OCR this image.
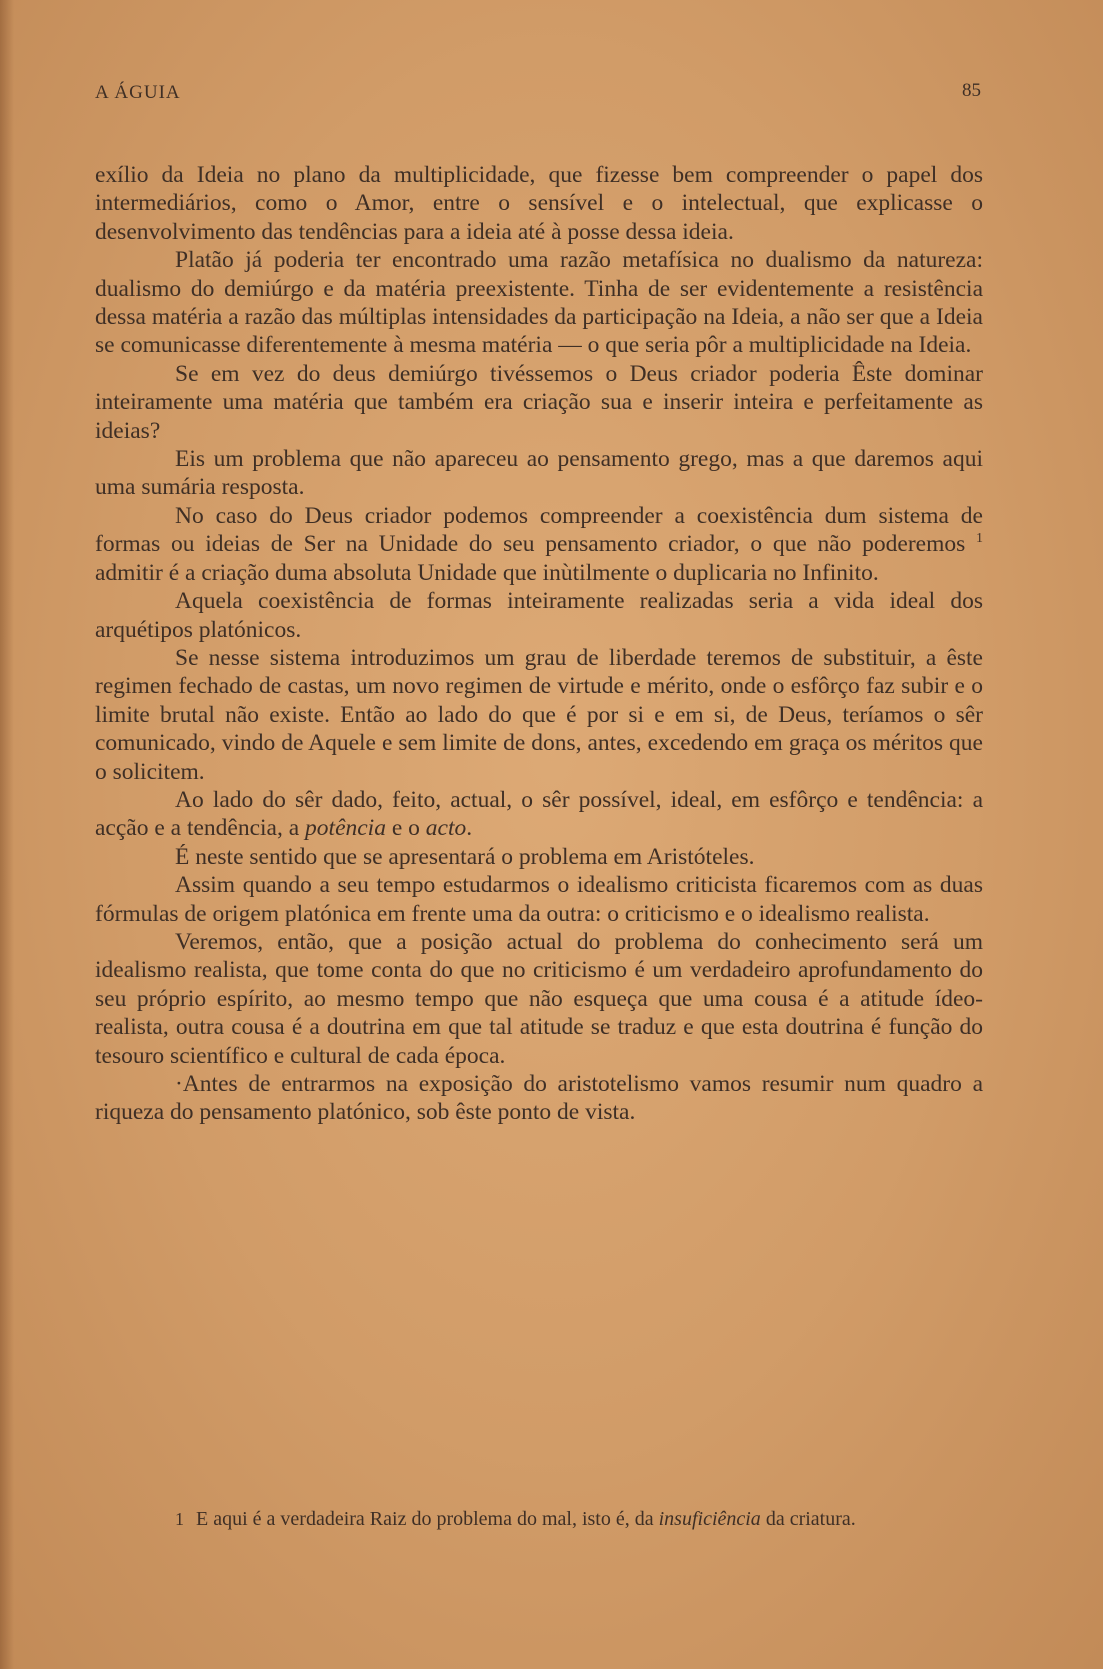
A ÁGUIA	85

exílio da Ideia no plano da multiplicidade, que fizesse bem compreender o papel dos intermediários, como o Amor, entre o sensível e o intelectual, que explicasse o desenvolvimento das tendências para a ideia até à posse dessa ideia.

Platão já poderia ter encontrado uma razão metafísica no dualismo da natureza: dualismo do demiúrgo e da matéria preexistente. Tinha de ser evidentemente a resistência dessa matéria a razão das múltiplas intensidades da participação na Ideia, a não ser que a Ideia se comunicasse diferentemente à mesma matéria — o que seria pôr a multiplicidade na Ideia.

Se em vez do deus demiúrgo tivéssemos o Deus criador poderia Êste dominar inteiramente uma matéria que também era criação sua e inserir inteira e perfeitamente as ideias?

Eis um problema que não apareceu ao pensamento grego, mas a que daremos aqui uma sumária resposta.

No caso do Deus criador podemos compreender a coexistência dum sistema de formas ou ideias de Ser na Unidade do seu pensamento criador, o que não poderemos $^1$ admitir é a criação duma absoluta Unidade que inùtilmente o duplicaria no Infinito.

Aquela coexistência de formas inteiramente realizadas seria a vida ideal dos arquétipos platónicos.

Se nesse sistema introduzimos um grau de liberdade teremos de substituir, a êste regimen fechado de castas, um novo regimen de virtude e mérito, onde o esfôrço faz subir e o limite brutal não existe. Então ao lado do que é por si e em si, de Deus, teríamos o sêr comunicado, vindo de Aquele e sem limite de dons, antes, excedendo em graça os méritos que o solicitem.

Ao lado do sêr dado, feito, actual, o sêr possível, ideal, em esfôrço e tendência: a acção e a tendência, a potência e o acto.

É neste sentido que se apresentará o problema em Aristóteles.

Assim quando a seu tempo estudarmos o idealismo criticista ficaremos com as duas fórmulas de origem platónica em frente uma da outra: o criticismo e o idealismo realista.

Veremos, então, que a posição actual do problema do conhecimento será um idealismo realista, que tome conta do que no criticismo é um verdadeiro aprofundamento do seu próprio espírito, ao mesmo tempo que não esqueça que uma cousa é a atitude ídeo-realista, outra cousa é a doutrina em que tal atitude se traduz e que esta doutrina é função do tesouro scientífico e cultural de cada época.

·Antes de entrarmos na exposição do aristotelismo vamos resumir num quadro a riqueza do pensamento platónico, sob êste ponto de vista.

1 E aqui é a verdadeira Raiz do problema do mal, isto é, da insuficiência da criatura.
